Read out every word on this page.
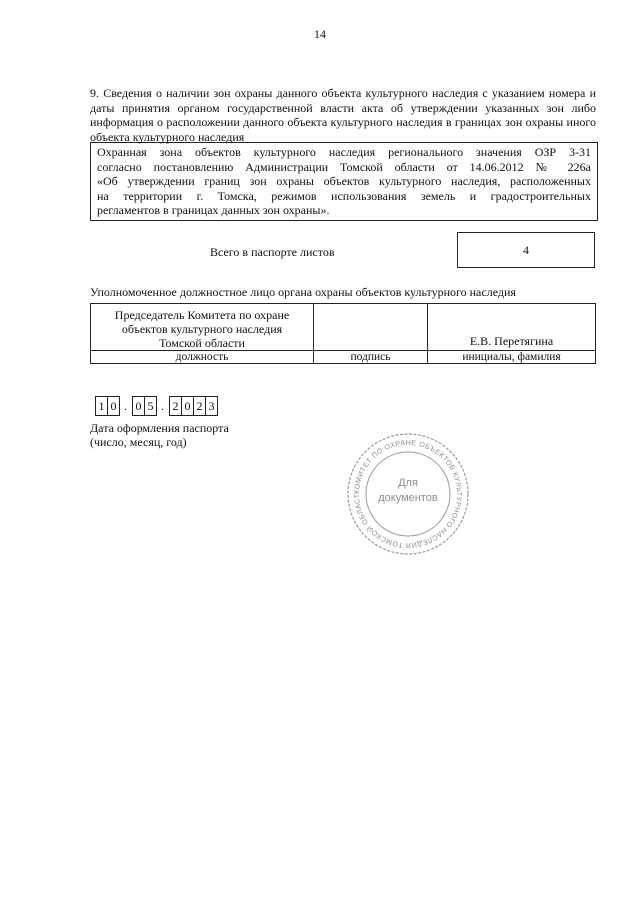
14
9. Сведения о наличии зон охраны данного объекта культурного наследия с указанием номера и даты принятия органом государственной власти акта об утверждении указанных зон либо информация о расположении данного объекта культурного наследия в границах зон охраны иного объекта культурного наследия
Охранная зона объектов культурного наследия регионального значения ОЗР 3-31
согласно постановлению Администрации Томской области от 14.06.2012 № 226а
«Об утверждении границ зон охраны объектов культурного наследия, расположенных
на территории г. Томска, режимов использования земель и градостроительных
регламентов в границах данных зон охраны».
Всего в паспорте листов	4
Уполномоченное должностное лицо органа охраны объектов культурного наследия
Председатель Комитета по охране
объектов культурного наследия
Томской области		Е.В. Перетягина
должность	подпись	инициалы, фамилия
1 0 . 0 5 . 2 0 2 3
Дата оформления паспорта
(число, месяц, год)
КОМИТЕТ ПО ОХРАНЕ ОБЪЕКТОВ КУЛЬТУРНОГО НАСЛЕДИЯ ТОМСКОЙ ОБЛАСТ
Для
документов
